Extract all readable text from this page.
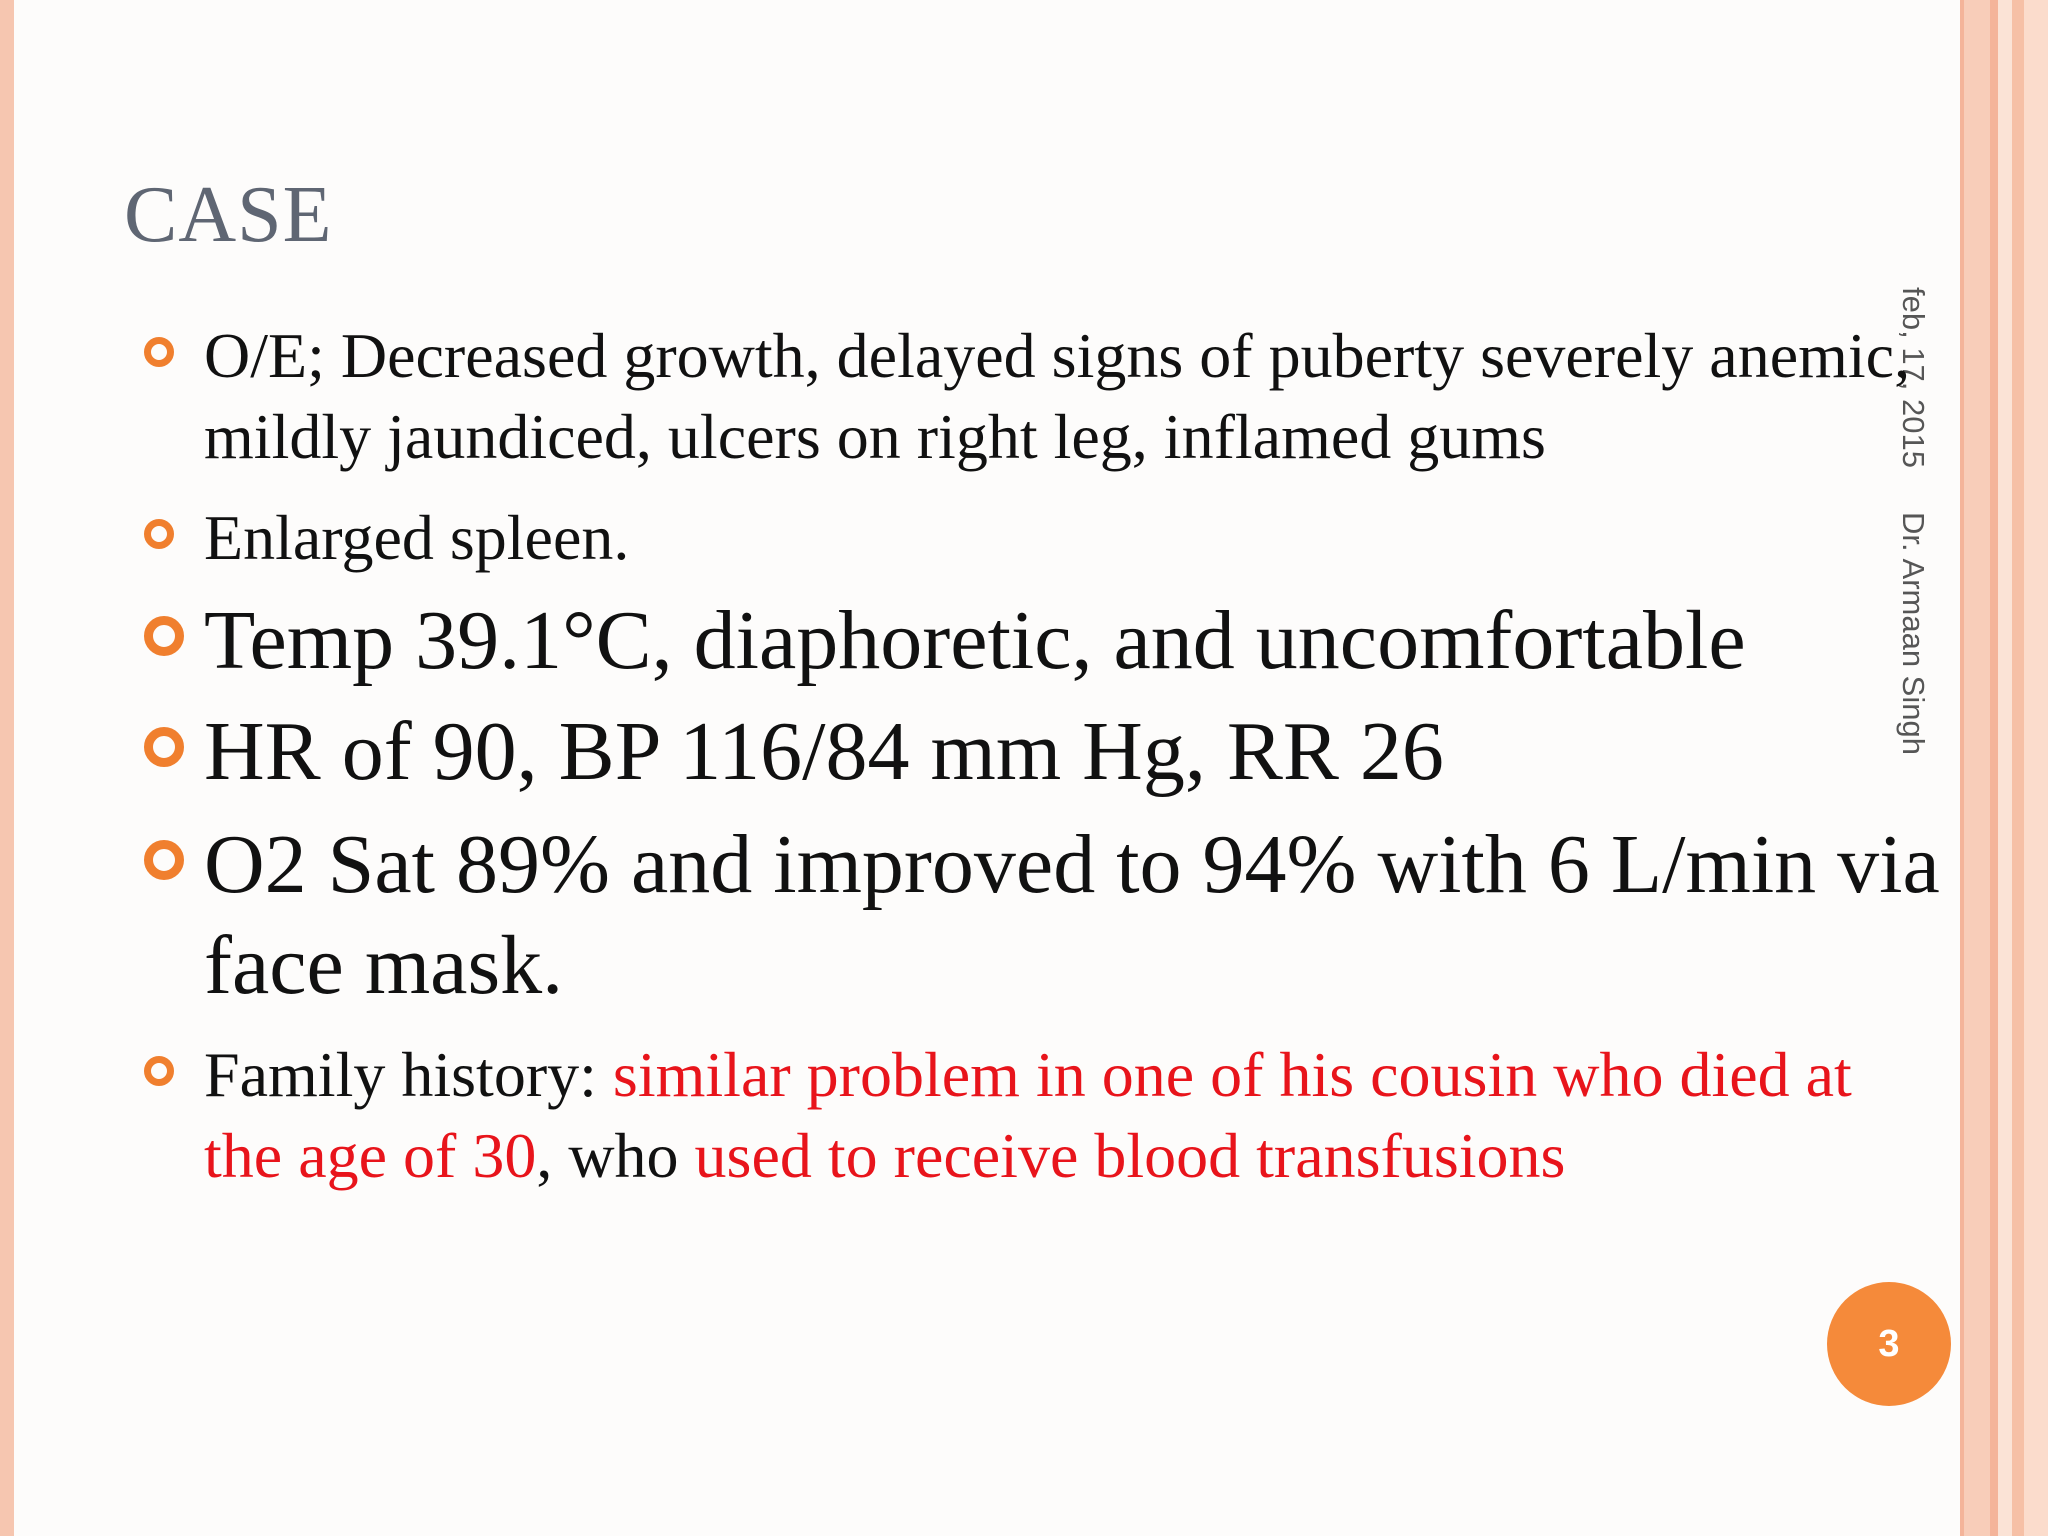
CASE
feb, 17, 2015Dr. Armaan Singh
O/E; Decreased growth, delayed signs of puberty severely anemic, mildly jaundiced, ulcers on right leg, inflamed gums
Enlarged spleen.
Temp 39.1°C, diaphoretic, and uncomfortable
HR of 90, BP 116/84 mm Hg, RR 26
O2 Sat 89% and improved to 94% with 6 L/min via face mask.
Family history: similar problem in one of his cousin who died at the age of 30, who used to receive blood transfusions
3
